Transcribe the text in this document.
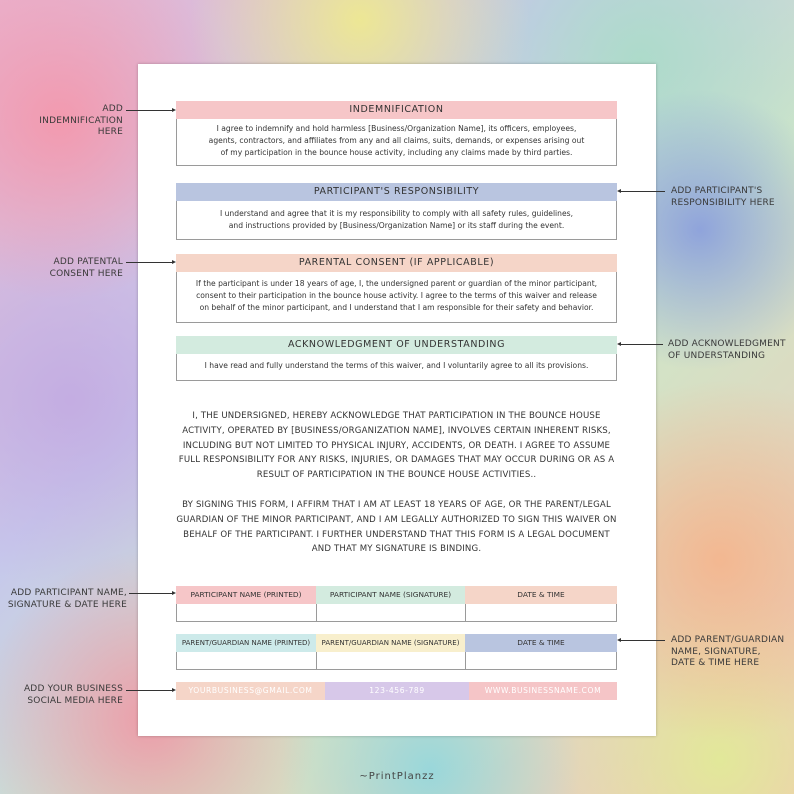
INDEMNIFICATION
I agree to indemnify and hold harmless [Business/Organization Name], its officers, employees,
agents, contractors, and affiliates from any and all claims, suits, demands, or expenses arising out
of my participation in the bounce house activity, including any claims made by third parties.
PARTICIPANT'S RESPONSIBILITY
I understand and agree that it is my responsibility to comply with all safety rules, guidelines,
and instructions provided by [Business/Organization Name] or its staff during the event.
PARENTAL CONSENT (IF APPLICABLE)
If the participant is under 18 years of age, I, the undersigned parent or guardian of the minor participant,
consent to their participation in the bounce house activity. I agree to the terms of this waiver and release
on behalf of the minor participant, and I understand that I am responsible for their safety and behavior.
ACKNOWLEDGMENT OF UNDERSTANDING
I have read and fully understand the terms of this waiver, and I voluntarily agree to all its provisions.
I, THE UNDERSIGNED, HEREBY ACKNOWLEDGE THAT PARTICIPATION IN THE BOUNCE HOUSE
ACTIVITY, OPERATED BY [BUSINESS/ORGANIZATION NAME], INVOLVES CERTAIN INHERENT RISKS,
INCLUDING BUT NOT LIMITED TO PHYSICAL INJURY, ACCIDENTS, OR DEATH. I AGREE TO ASSUME
FULL RESPONSIBILITY FOR ANY RISKS, INJURIES, OR DAMAGES THAT MAY OCCUR DURING OR AS A
RESULT OF PARTICIPATION IN THE BOUNCE HOUSE ACTIVITIES..
BY SIGNING THIS FORM, I AFFIRM THAT I AM AT LEAST 18 YEARS OF AGE, OR THE PARENT/LEGAL
GUARDIAN OF THE MINOR PARTICIPANT, AND I AM LEGALLY AUTHORIZED TO SIGN THIS WAIVER ON
BEHALF OF THE PARTICIPANT. I FURTHER UNDERSTAND THAT THIS FORM IS A LEGAL DOCUMENT
AND THAT MY SIGNATURE IS BINDING.
PARTICIPANT NAME (PRINTED)	PARTICIPANT NAME (SIGNATURE)	DATE & TIME
PARENT/GUARDIAN NAME (PRINTED)	PARENT/GUARDIAN NAME (SIGNATURE)	DATE & TIME
YOURBUSINESS@GMAIL.COM	123-456-789	WWW.BUSINESSNAME.COM
ADD
INDEMNIFICATION
HERE
ADD PATENTAL
CONSENT HERE
ADD PARTICIPANT NAME,
SIGNATURE & DATE HERE
ADD YOUR BUSINESS
SOCIAL MEDIA HERE
ADD PARTICIPANT'S
RESPONSIBILITY HERE
ADD ACKNOWLEDGMENT
OF UNDERSTANDING
ADD PARENT/GUARDIAN
NAME, SIGNATURE,
DATE & TIME HERE
~PrintPlanzz
